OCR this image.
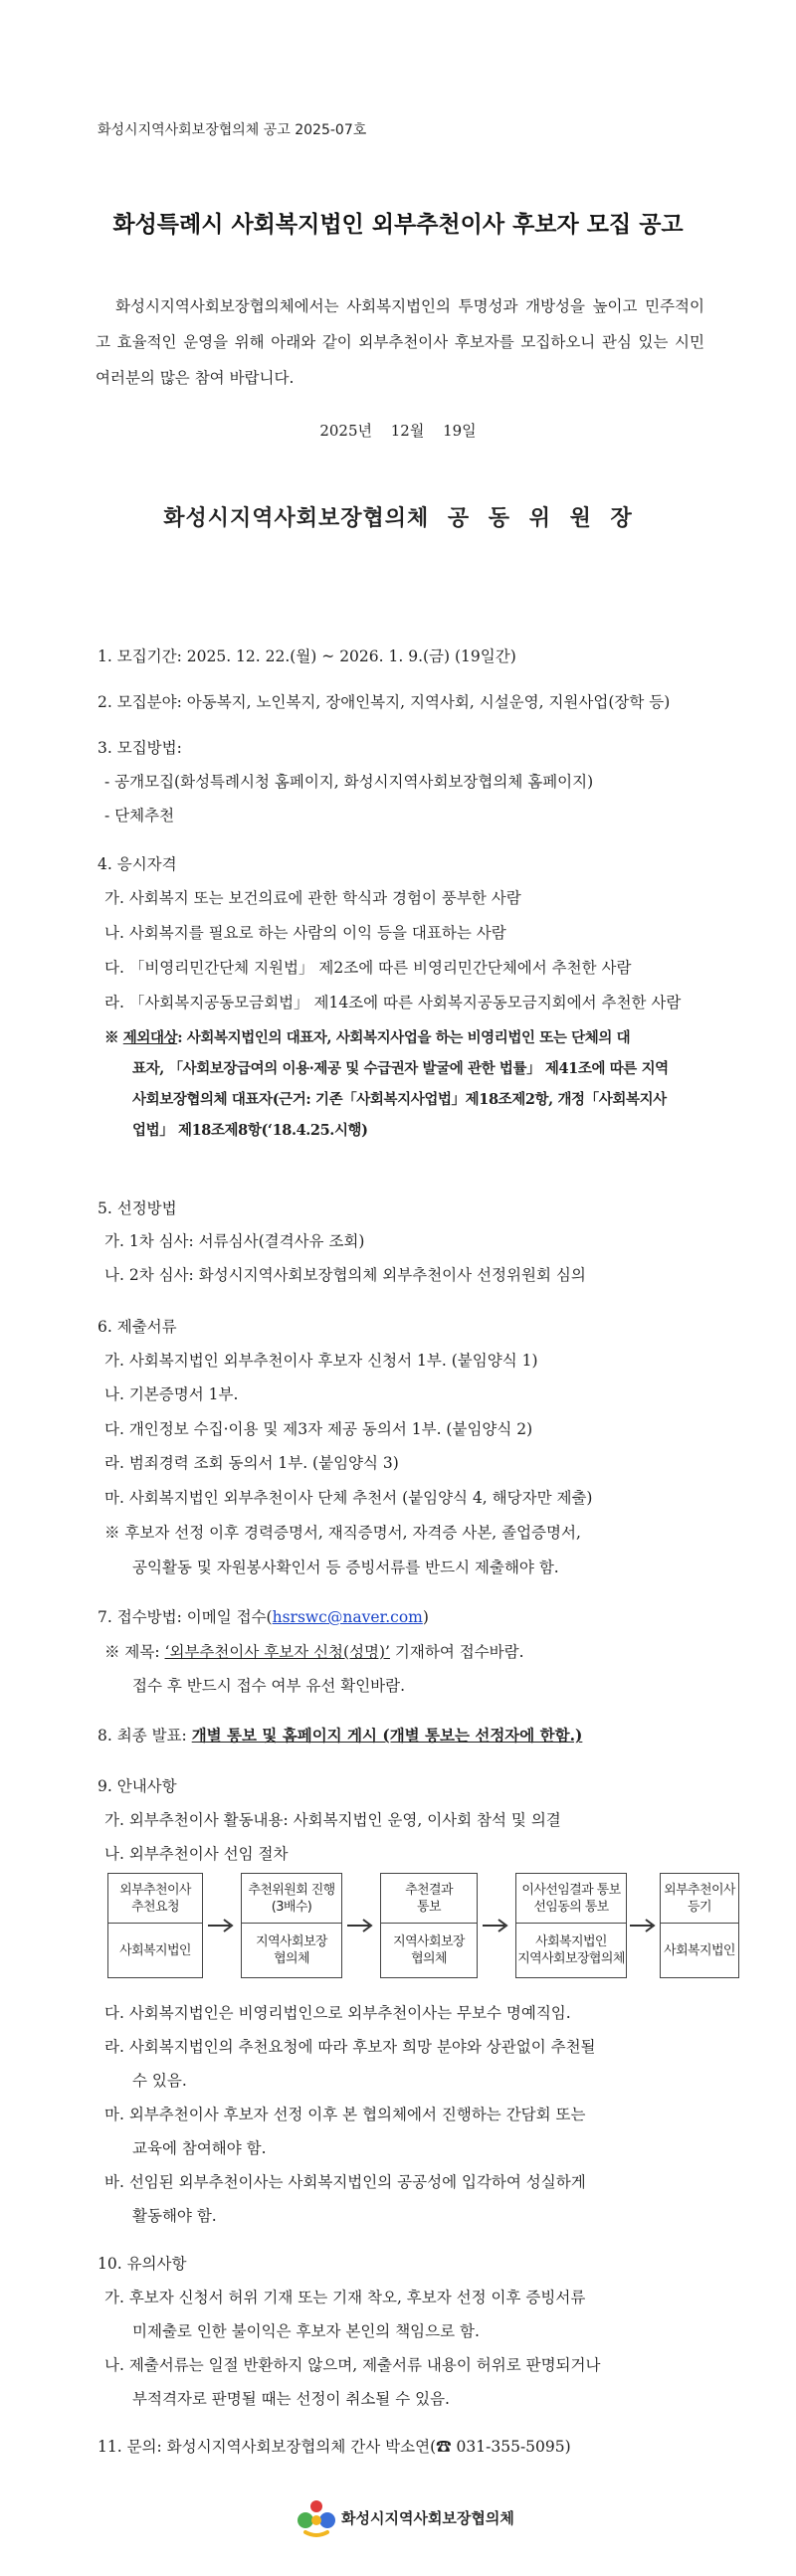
화성시지역사회보장협의체 공고 2025-07호
화성특례시 사회복지법인 외부추천이사 후보자 모집 공고
화성시지역사회보장협의체에서는 사회복지법인의 투명성과 개방성을 높이고 민주적이고 효율적인 운영을 위해 아래와 같이 외부추천이사 후보자를 모집하오니 관심 있는 시민 여러분의 많은 참여 바랍니다.
2025년 12월 19일
화성시지역사회보장협의체 공 동 위 원 장
1. 모집기간: 2025. 12. 22.(월) ~ 2026. 1. 9.(금) (19일간)
2. 모집분야: 아동복지, 노인복지, 장애인복지, 지역사회, 시설운영, 지원사업(장학 등)
3. 모집방법:
- 공개모집(화성특례시청 홈페이지, 화성시지역사회보장협의체 홈페이지)
- 단체추천
4. 응시자격
가. 사회복지 또는 보건의료에 관한 학식과 경험이 풍부한 사람
나. 사회복지를 필요로 하는 사람의 이익 등을 대표하는 사람
다. 「비영리민간단체 지원법」 제2조에 따른 비영리민간단체에서 추천한 사람
라. 「사회복지공동모금회법」 제14조에 따른 사회복지공동모금지회에서 추천한 사람
※ 제외대상: 사회복지법인의 대표자, 사회복지사업을 하는 비영리법인 또는 단체의 대
표자, 「사회보장급여의 이용·제공 및 수급권자 발굴에 관한 법률」 제41조에 따른 지역
사회보장협의체 대표자(근거: 기존「사회복지사업법」제18조제2항, 개정「사회복지사
업법」 제18조제8항(‘18.4.25.시행)
5. 선정방법
가. 1차 심사: 서류심사(결격사유 조회)
나. 2차 심사: 화성시지역사회보장협의체 외부추천이사 선정위원회 심의
6. 제출서류
가. 사회복지법인 외부추천이사 후보자 신청서 1부. (붙임양식 1)
나. 기본증명서 1부.
다. 개인정보 수집·이용 및 제3자 제공 동의서 1부. (붙임양식 2)
라. 범죄경력 조회 동의서 1부. (붙임양식 3)
마. 사회복지법인 외부추천이사 단체 추천서 (붙임양식 4, 해당자만 제출)
※ 후보자 선정 이후 경력증명서, 재직증명서, 자격증 사본, 졸업증명서,
공익활동 및 자원봉사확인서 등 증빙서류를 반드시 제출해야 함.
7. 접수방법: 이메일 접수(hsrswc@naver.com)
※ 제목: ‘외부추천이사 후보자 신청(성명)’ 기재하여 접수바람.
접수 후 반드시 접수 여부 유선 확인바람.
8. 최종 발표: 개별 통보 및 홈페이지 게시 (개별 통보는 선정자에 한함.)
9. 안내사항
가. 외부추천이사 활동내용: 사회복지법인 운영, 이사회 참석 및 의결
나. 외부추천이사 선임 절차
외부추천이사
추천요청
사회복지법인
추천위원회 진행
(3배수)
지역사회보장
협의체
추천결과
통보
지역사회보장
협의체
이사선임결과 통보
선임동의 통보
사회복지법인
지역사회보장협의체
외부추천이사
등기
사회복지법인
다. 사회복지법인은 비영리법인으로 외부추천이사는 무보수 명예직임.
라. 사회복지법인의 추천요청에 따라 후보자 희망 분야와 상관없이 추천될
수 있음.
마. 외부추천이사 후보자 선정 이후 본 협의체에서 진행하는 간담회 또는
교육에 참여해야 함.
바. 선임된 외부추천이사는 사회복지법인의 공공성에 입각하여 성실하게
활동해야 함.
10. 유의사항
가. 후보자 신청서 허위 기재 또는 기재 착오, 후보자 선정 이후 증빙서류
미제출로 인한 불이익은 후보자 본인의 책임으로 함.
나. 제출서류는 일절 반환하지 않으며, 제출서류 내용이 허위로 판명되거나
부적격자로 판명될 때는 선정이 취소될 수 있음.
11. 문의: 화성시지역사회보장협의체 간사 박소연(☎ 031-355-5095)
화성시지역사회보장협의체
